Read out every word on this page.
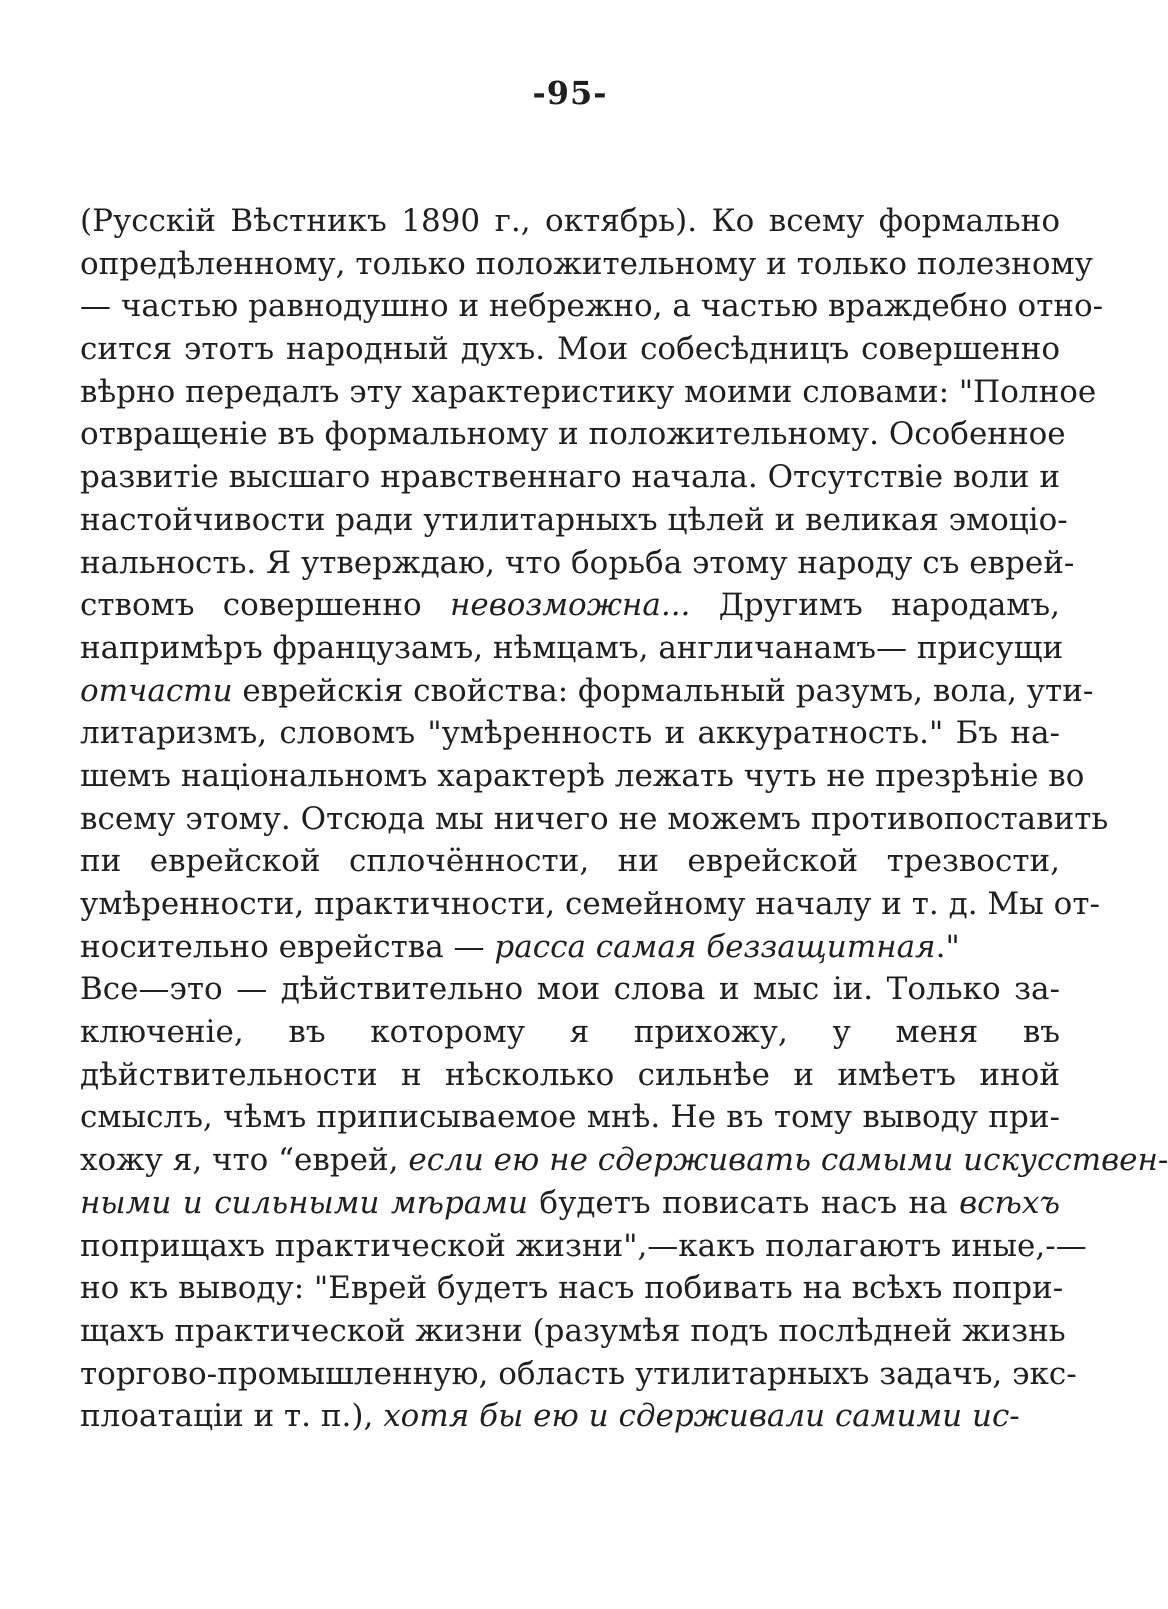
-95-
(Русскій Вѣстникъ 1890 г., октябрь). Ко всему формально
опредѣленному, только положительному и только полезному
— частью равнодушно и небрежно, а частью враждебно отно-
сится этотъ народный духъ. Мои собесѣдницъ совершенно
вѣрно передалъ эту характеристику моими словами: "Полное
отвращеніе въ формальному и положительному. Особенное
развитіе высшаго нравственнаго начала. Отсутствіе воли и
настойчивости ради утилитарныхъ цѣлей и великая эмоціо-
нальность. Я утверждаю, что борьба этому народу съ еврей-
ствомъ совершенно невозможна... Другимъ народамъ,
напримѣръ французамъ, нѣмцамъ, англичанамъ— присущи
отчасти еврейскія свойства: формальный разумъ, вола, ути-
литаризмъ, словомъ "умѣренность и аккуратность." Бъ на-
шемъ національномъ характерѣ лежать чуть не презрѣніе во
всему этому. Отсюда мы ничего не можемъ противопоставить
пи еврейской сплочённости, ни еврейской трезвости,
умѣренности, практичности, семейному началу и т. д. Мы от-
носительно еврейства — расса самая беззащитная."
Все—это — дѣйствительно мои слова и мыс іи. Только за-
ключеніе, въ которому я прихожу, у меня въ
дѣйствительности н нѣсколько сильнѣе и имѣетъ иной
смыслъ, чѣмъ приписываемое мнѣ. Не въ тому выводу при-
хожу я, что “еврей, если ею не сдерживать самыми искусствен-
ными и сильными мѣрами будетъ повисать насъ на всѣхъ
поприщахъ практической жизни",—какъ полагаютъ иные,-—
но къ выводу: "Еврей будетъ насъ побивать на всѣхъ попри-
щахъ практической жизни (разумѣя подъ послѣдней жизнь
торгово-промышленную, область утилитарныхъ задачъ, экс-
плоатаціи и т. п.), хотя бы ею и сдерживали самими ис-
